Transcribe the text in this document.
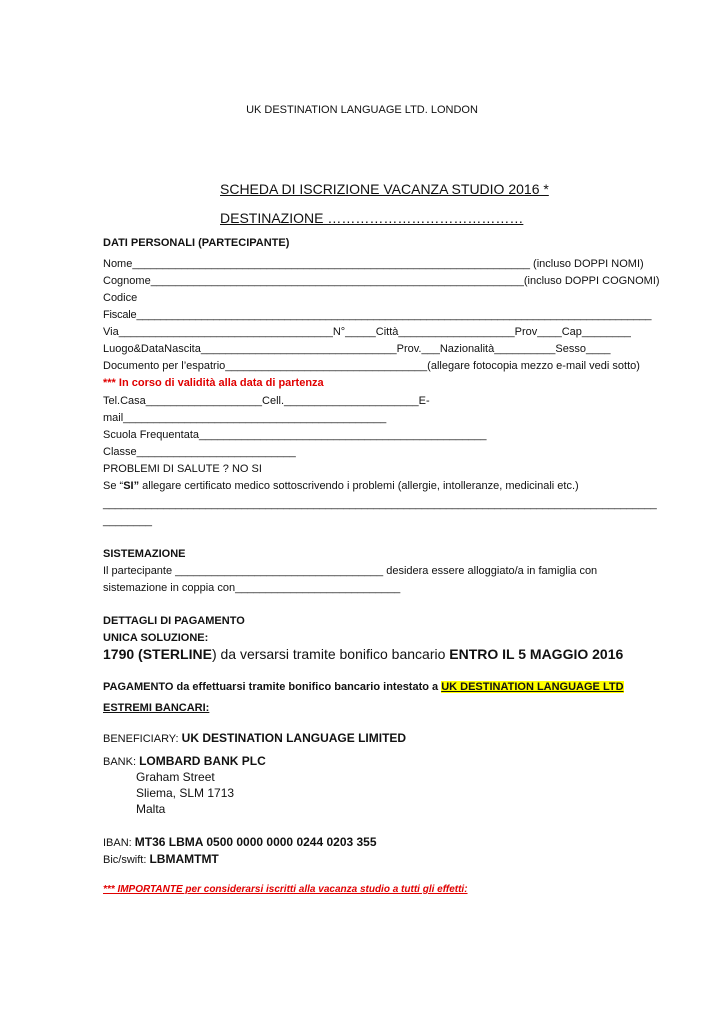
UK DESTINATION LANGUAGE LTD. LONDON
SCHEDA DI ISCRIZIONE VACANZA STUDIO 2016 *
DESTINAZIONE ……………………………………
DATI PERSONALI (PARTECIPANTE)
Nome_________________________________________________________________ (incluso DOPPI NOMI)
Cognome_____________________________________________________________(incluso DOPPI COGNOMI)
Codice
Fiscale_______________________________________________________________________________________
Via___________________________________N°_____Città___________________Prov____Cap________
Luogo&DataNascita________________________________Prov.___Nazionalità__________Sesso____
Documento per l’espatrio_________________________________(allegare fotocopia mezzo e-mail vedi sotto)
*** In corso di validità alla data di partenza
Tel.Casa___________________Cell.______________________E-
mail___________________________________________
Scuola Frequentata_______________________________________________
Classe__________________________
PROBLEMI DI SALUTE ? NO SI
Se “SI” allegare certificato medico sottoscrivendo i problemi (allergie, intolleranze, medicinali etc.)
____________________________________________________________________________________________
________
SISTEMAZIONE
Il partecipante __________________________________ desidera essere alloggiato/a in famiglia con
sistemazione in coppia con___________________________
DETTAGLI DI PAGAMENTO
UNICA SOLUZIONE:
1790 (STERLINE) da versarsi tramite bonifico bancario ENTRO IL 5 MAGGIO 2016
PAGAMENTO da effettuarsi tramite bonifico bancario intestato a UK DESTINATION LANGUAGE LTD
ESTREMI BANCARI:
BENEFICIARY: UK DESTINATION LANGUAGE LIMITED
BANK: LOMBARD BANK PLC
Graham Street
Sliema, SLM 1713
Malta
IBAN: MT36 LBMA 0500 0000 0000 0244 0203 355
Bic/swift: LBMAMTMT
*** IMPORTANTE per considerarsi iscritti alla vacanza studio a tutti gli effetti:
